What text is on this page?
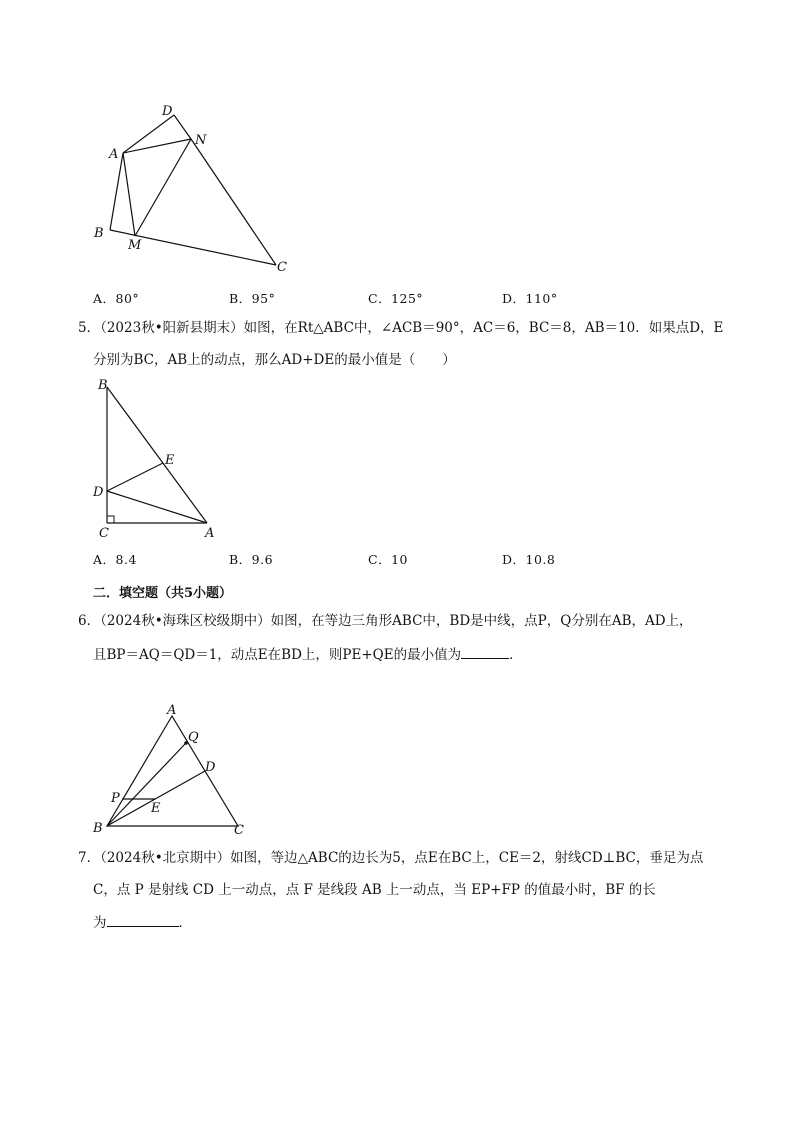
D
A
N
B
M
C
A．80°	B．95°	C．125°	D．110°
5．（2023秋•阳新县期末）如图，在Rt△ABC中，∠ACB＝90°，AC＝6，BC＝8，AB＝10．如果点D，E
分别为BC，AB上的动点，那么AD+DE的最小值是（　　）
B
E
D
C	A
A．8.4	B．9.6	C．10	D．10.8
二．填空题（共5小题）
6．（2024秋•海珠区校级期中）如图，在等边三角形ABC中，BD是中线，点P，Q分别在AB，AD上，
且BP＝AQ＝QD＝1，动点E在BD上，则PE+QE的最小值为	．
A
Q
D
P
E
B	C
7．（2024秋•北京期中）如图，等边△ABC的边长为5，点E在BC上，CE＝2，射线CD⊥BC，垂足为点
C，点 P 是射线 CD 上一动点，点 F 是线段 AB 上一动点，当 EP+FP 的值最小时，BF 的长
为	．
